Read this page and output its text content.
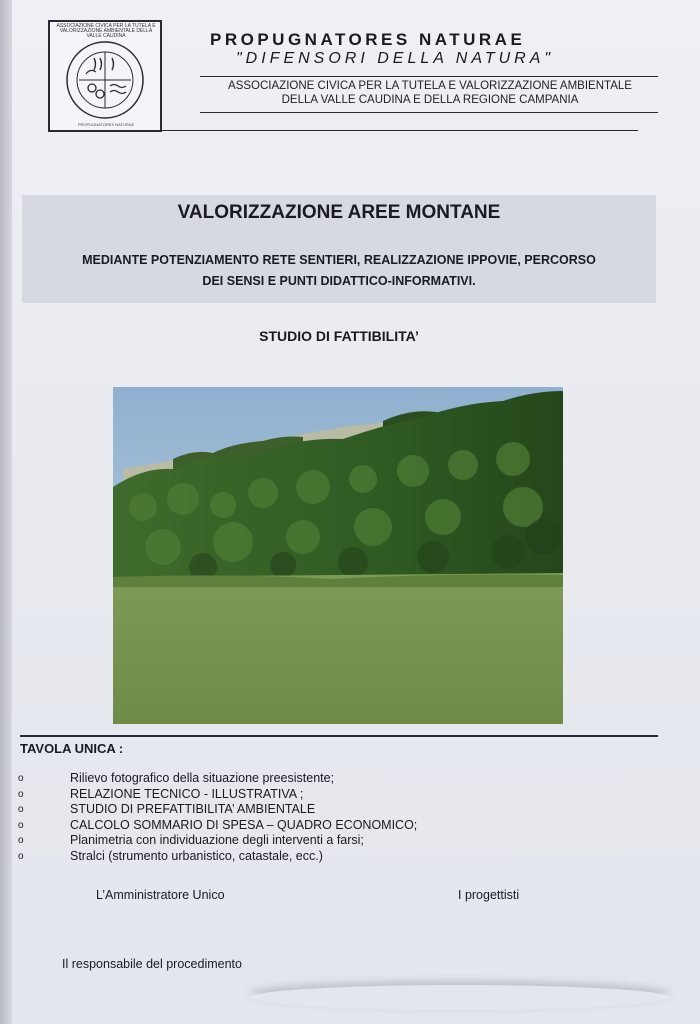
ASSOCIAZIONE CIVICA PER LA TUTELA E VALORIZZAZIONE AMBIENTALE DELLA VALLE CAUDINA
PROPUGNATORES NATURAE
PROPUGNATORES NATURAE
"DIFENSORI DELLA NATURA"
ASSOCIAZIONE CIVICA PER LA TUTELA E VALORIZZAZIONE AMBIENTALE
DELLA VALLE CAUDINA E DELLA REGIONE CAMPANIA
VALORIZZAZIONE AREE MONTANE
MEDIANTE POTENZIAMENTO RETE SENTIERI, REALIZZAZIONE IPPOVIE, PERCORSO
DEI SENSI E PUNTI DIDATTICO-INFORMATIVI.
STUDIO DI FATTIBILITA’
TAVOLA UNICA :
o	Rilievo fotografico della situazione preesistente;
o	RELAZIONE TECNICO - ILLUSTRATIVA ;
o	STUDIO DI PREFATTIBILITA’ AMBIENTALE
o	CALCOLO SOMMARIO DI SPESA – QUADRO ECONOMICO;
o	Planimetria con individuazione degli interventi a farsi;
o	Stralci (strumento urbanistico, catastale, ecc.)
L’Amministratore Unico	I progettisti
Il responsabile del procedimento
